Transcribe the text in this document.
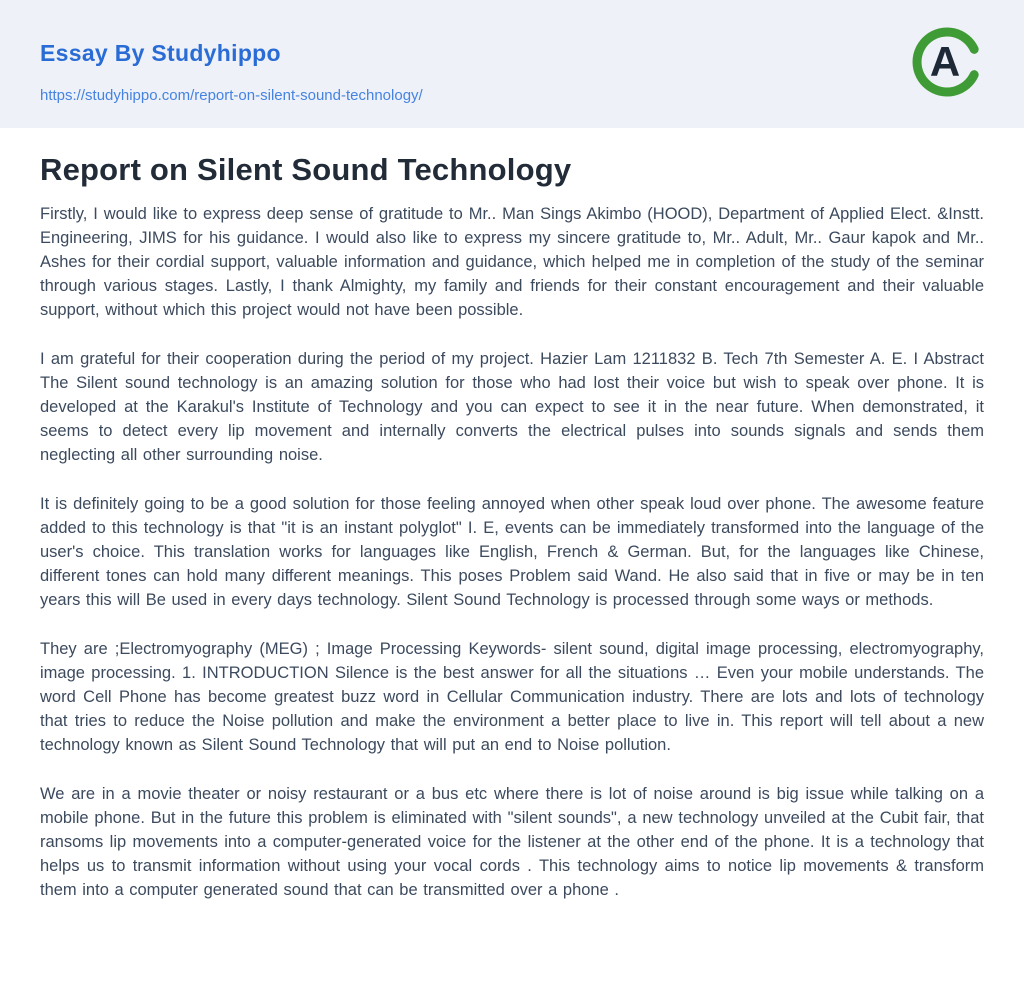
Essay By Studyhippo
https://studyhippo.com/report-on-silent-sound-technology/
A
Report on Silent Sound Technology

Firstly, I would like to express deep sense of gratitude to Mr.. Man Sings Akimbo (HOOD), Department of Applied Elect. &Instt. Engineering, JIMS for his guidance. I would also like to express my sincere gratitude to, Mr.. Adult, Mr.. Gaur kapok and Mr.. Ashes for their cordial support, valuable information and guidance, which helped me in completion of the study of the seminar through various stages. Lastly, I thank Almighty, my family and friends for their constant encouragement and their valuable support, without which this project would not have been possible.

I am grateful for their cooperation during the period of my project. Hazier Lam 1211832 B. Tech 7th Semester A. E. I Abstract The Silent sound technology is an amazing solution for those who had lost their voice but wish to speak over phone. It is developed at the Karakul's Institute of Technology and you can expect to see it in the near future. When demonstrated, it seems to detect every lip movement and internally converts the electrical pulses into sounds signals and sends them neglecting all other surrounding noise.

It is definitely going to be a good solution for those feeling annoyed when other speak loud over phone. The awesome feature added to this technology is that "it is an instant polyglot" I. E, events can be immediately transformed into the language of the user's choice. This translation works for languages like English, French & German. But, for the languages like Chinese, different tones can hold many different meanings. This poses Problem said Wand. He also said that in five or may be in ten years this will Be used in every days technology. Silent Sound Technology is processed through some ways or methods.

They are ;Electromyography (MEG) ; Image Processing Keywords- silent sound, digital image processing, electromyography, image processing. 1. INTRODUCTION Silence is the best answer for all the situations … Even your mobile understands. The word Cell Phone has become greatest buzz word in Cellular Communication industry. There are lots and lots of technology that tries to reduce the Noise pollution and make the environment a better place to live in. This report will tell about a new technology known as Silent Sound Technology that will put an end to Noise pollution.

We are in a movie theater or noisy restaurant or a bus etc where there is lot of noise around is big issue while talking on a mobile phone. But in the future this problem is eliminated with "silent sounds", a new technology unveiled at the Cubit fair, that ransoms lip movements into a computer-generated voice for the listener at the other end of the phone. It is a technology that helps us to transmit information without using your vocal cords . This technology aims to notice lip movements & transform them into a computer generated sound that can be transmitted over a phone .
